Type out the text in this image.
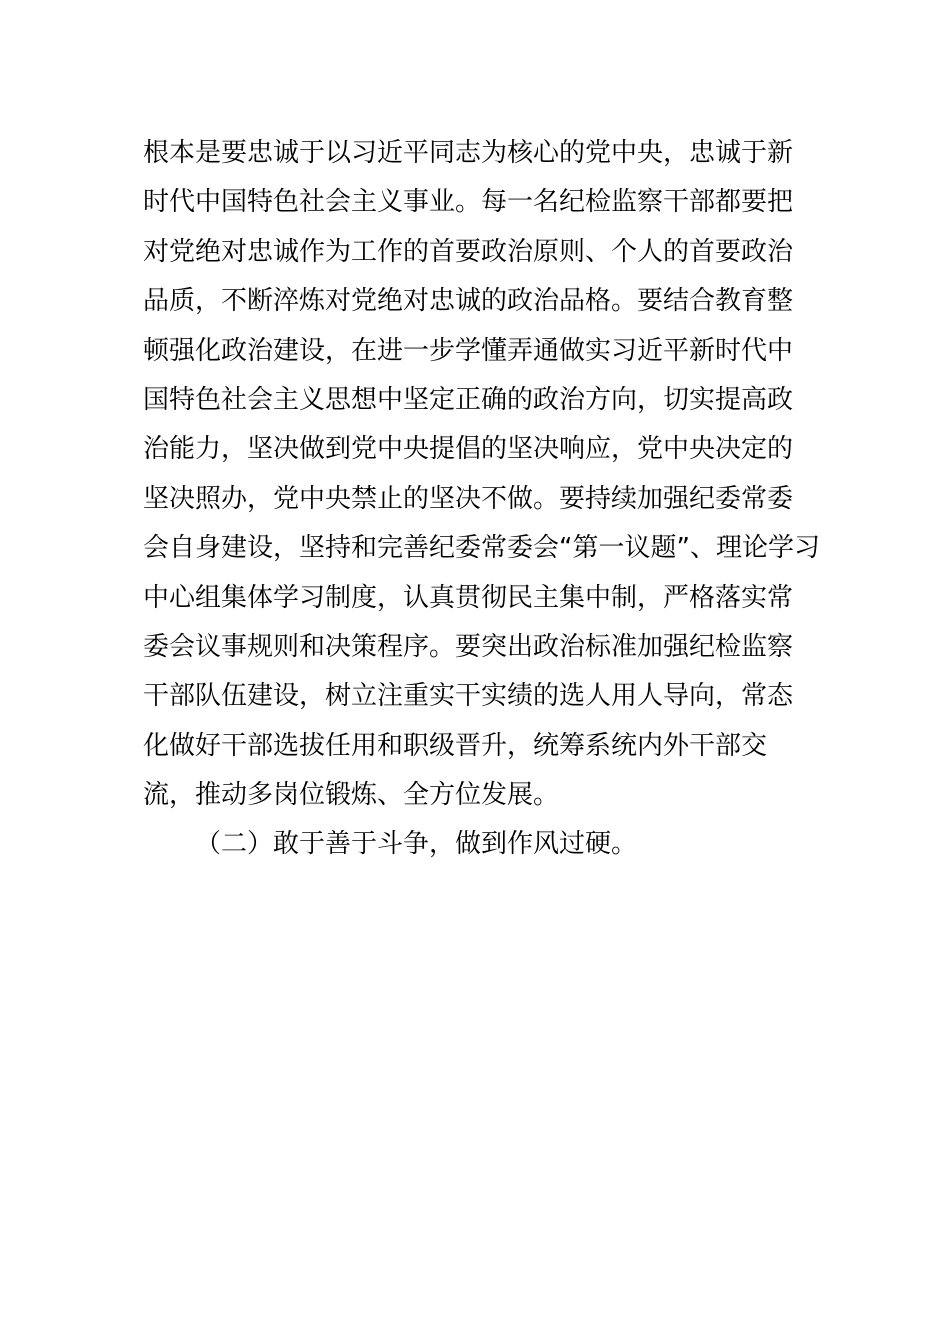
根本是要忠诚于以习近平同志为核心的党中央，忠诚于新
时代中国特色社会主义事业。每一名纪检监察干部都要把
对党绝对忠诚作为工作的首要政治原则、个人的首要政治
品质，不断淬炼对党绝对忠诚的政治品格。要结合教育整
顿强化政治建设，在进一步学懂弄通做实习近平新时代中
国特色社会主义思想中坚定正确的政治方向，切实提高政
治能力，坚决做到党中央提倡的坚决响应，党中央决定的
坚决照办，党中央禁止的坚决不做。要持续加强纪委常委
会自身建设，坚持和完善纪委常委会“第一议题”、理论学习
中心组集体学习制度，认真贯彻民主集中制，严格落实常
委会议事规则和决策程序。要突出政治标准加强纪检监察
干部队伍建设，树立注重实干实绩的选人用人导向，常态
化做好干部选拔任用和职级晋升，统筹系统内外干部交
流，推动多岗位锻炼、全方位发展。
（二）敢于善于斗争，做到作风过硬。
